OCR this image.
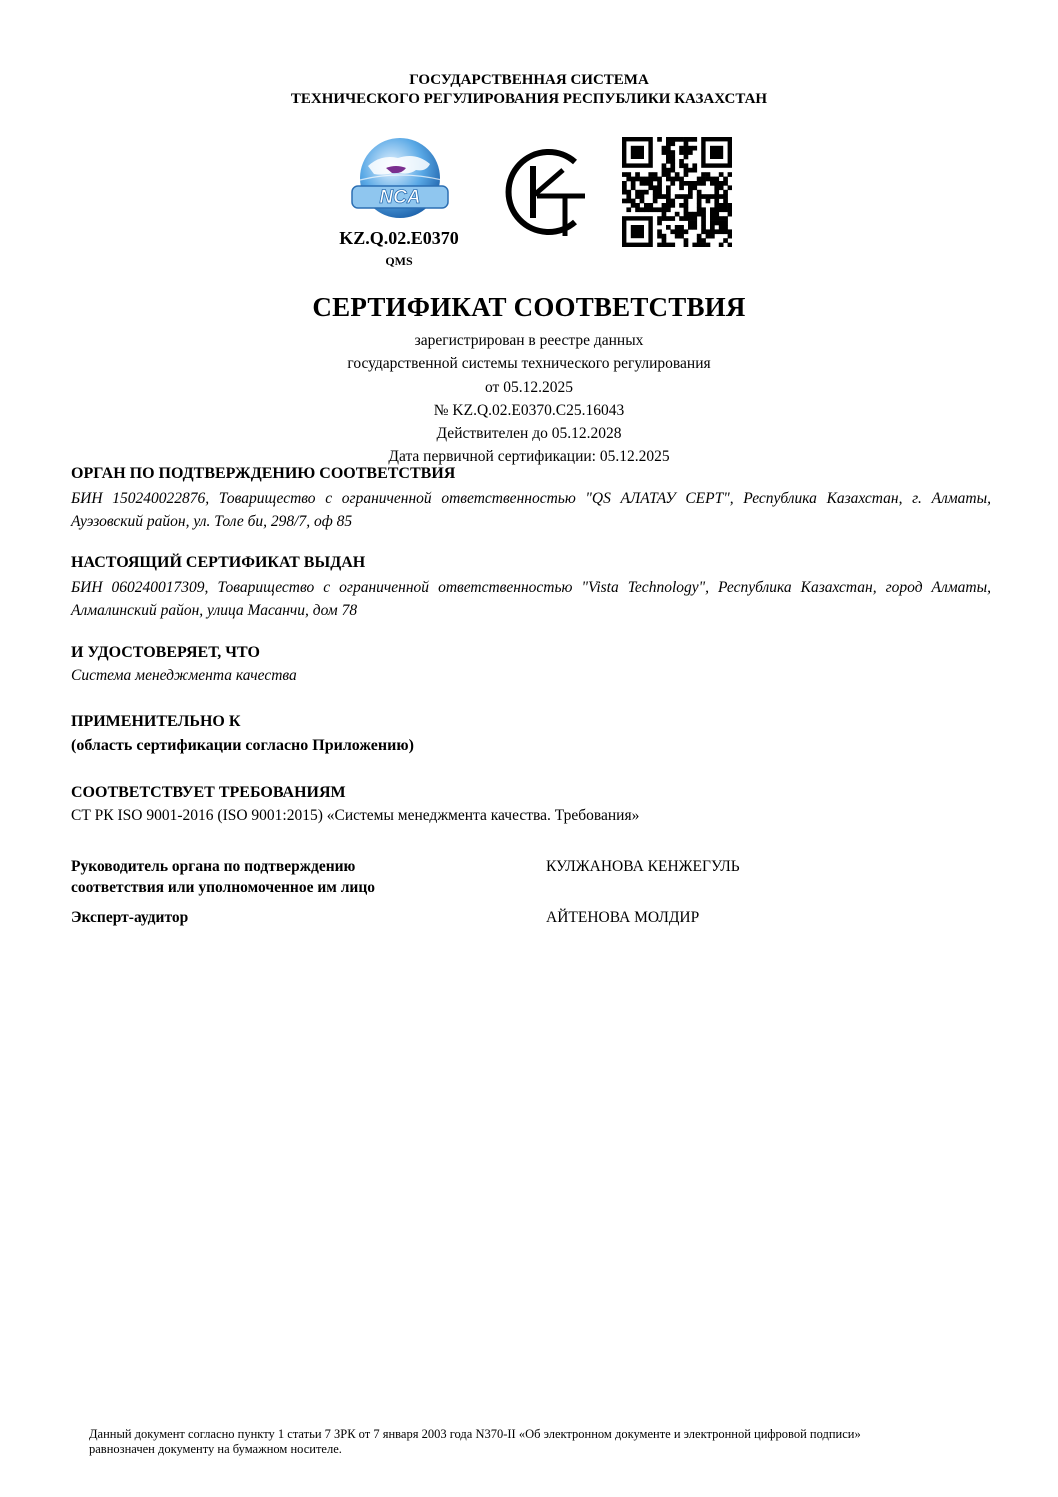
ГОСУДАРСТВЕННАЯ СИСТЕМА
ТЕХНИЧЕСКОГО РЕГУЛИРОВАНИЯ РЕСПУБЛИКИ КАЗАХСТАН
NCA
KZ.Q.02.E0370
QMS
СЕРТИФИКАТ СООТВЕТСТВИЯ
зарегистрирован в реестре данных
государственной системы технического регулирования
от 05.12.2025
№ KZ.Q.02.E0370.C25.16043
Действителен до 05.12.2028
Дата первичной сертификации: 05.12.2025
ОРГАН ПО ПОДТВЕРЖДЕНИЮ СООТВЕТСТВИЯ
БИН 150240022876, Товарищество с ограниченной ответственностью "QS АЛАТАУ СЕРТ", Республика Казахстан, г. Алматы, Ауэзовский район, ул. Толе би, 298/7, оф 85
НАСТОЯЩИЙ СЕРТИФИКАТ ВЫДАН
БИН 060240017309, Товарищество с ограниченной ответственностью "Vista Technology", Республика Казахстан, город Алматы, Алмалинский район, улица Масанчи, дом 78
И УДОСТОВЕРЯЕТ, ЧТО
Система менеджмента качества
ПРИМЕНИТЕЛЬНО К
(область сертификации согласно Приложению)
СООТВЕТСТВУЕТ ТРЕБОВАНИЯМ
СТ РК ISO 9001-2016 (ISO 9001:2015) «Системы менеджмента качества. Требования»
Руководитель органа по подтверждению
соответствия или уполномоченное им лицо
КУЛЖАНОВА КЕНЖЕГУЛЬ
Эксперт-аудитор	АЙТЕНОВА МОЛДИР
Данный документ согласно пункту 1 статьи 7 ЗРК от 7 января 2003 года N370-II «Об электронном документе и электронной цифровой подписи»
равнозначен документу на бумажном носителе.
